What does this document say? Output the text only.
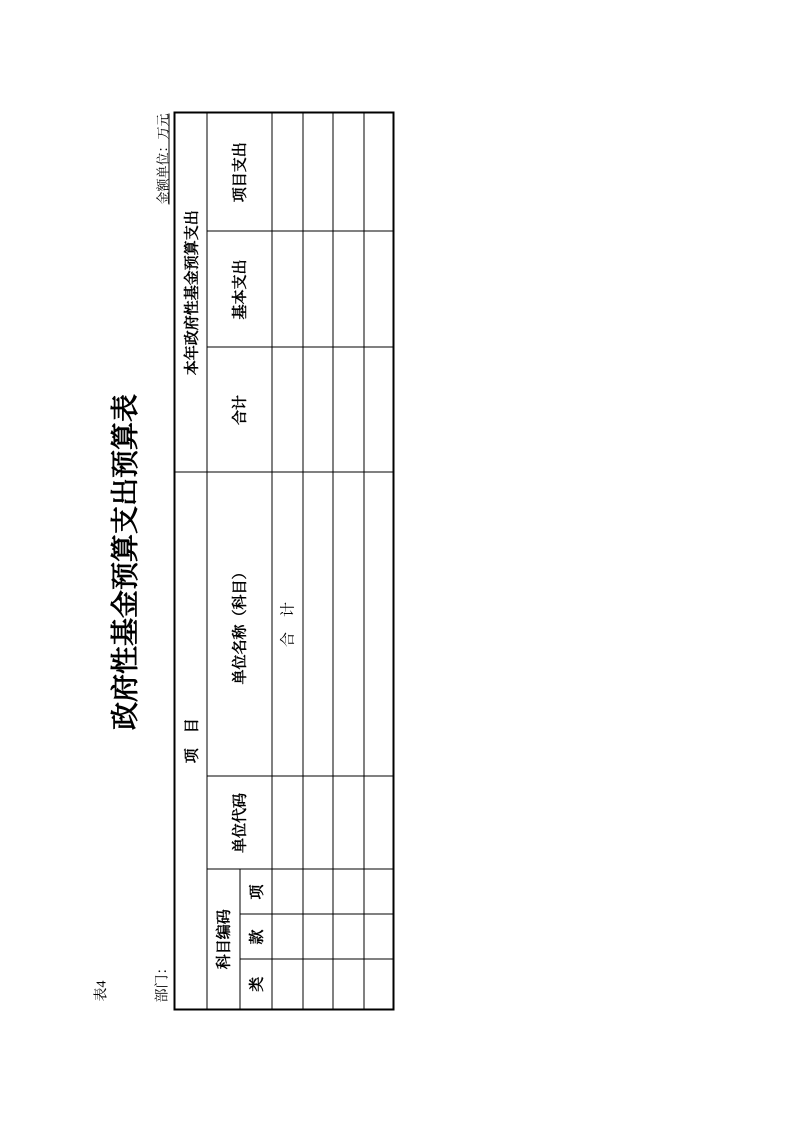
表4
政府性基金预算支出预算表
部门：
金额单位：万元
项　目					本年政府性基金预算支出		
科目编码			单位代码	单位名称（科目）	合计	基本支出	项目支出
类	款	项					
				合　计			
